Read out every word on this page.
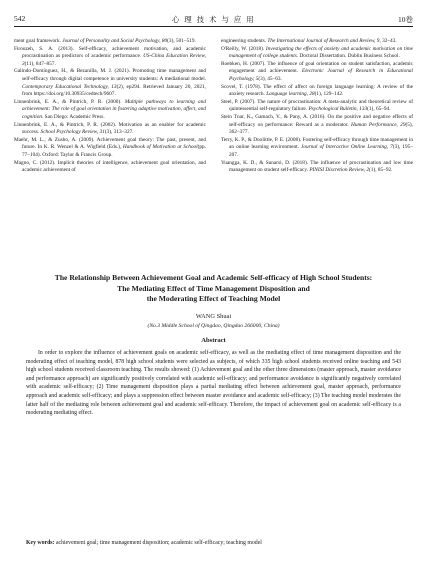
542	心 理 技 术 与 应 用	10卷
ment goal framework. Journal of Personality and Social Psychology, 80(3), 501–519.
Firouzeh, S. A. (2013). Self-efficacy, achievement motivation, and academic procrastination as predictors of academic performance. US-China Education Review, 3(11), 847–857.
Galindo-Domínguez, H., & Bezanilla, M. J. (2021). Promoting time management and self-efficacy through digital competence in university students: A mediational model. Contemporary Educational Technology, 13(2), ep294. Retrieved January 20, 2021, from https://doi.org/10.30935/cedtech/9607.
Linnenbrink, E. A., & Pintrich, P. R. (2000). Multiple pathways to learning and achievement: The role of goal orientation in fostering adaptive motivation, affect, and cognition. San Diego: Academic Press.
Linnenbrink, E. A., & Pintrich, P. R. (2002). Motivation as an enabler for academic success. School Psychology Review, 31(3), 313–327.
Maehr, M. L., & Zusho, A. (2009). Achievement goal theory: The past, present, and future. In K. R. Wenzel & A. Wigfield (Eds.), Handbook of Motivation at School(pp. 77–104). Oxford: Taylor & Francis Group.
Magno, C. (2012). Implicit theories of intelligence, achievement goal orientation, and academic achievement of
engineering students. The International Journal of Research and Review, 9, 32–43.
O'Reilly, W. (2018). Investigating the effects of anxiety and academic motivation on time management of college students. Doctoral Dissertation. Dublin Business School.
Roebken, H. (2007). The influence of goal orientation on student satisfaction, academic engagement and achievement. Electronic Journal of Research in Educational Psychology, 5(3), 45–63.
Scovel, T. (1978). The effect of affect on foreign language learning: A review of the anxiety research. Language learning, 28(1), 129–142.
Steel, P. (2007). The nature of procrastination: A meta-analytic and theoretical review of quintessential self-regulatory failure. Psychological Bulletin, 133(1), 65–94.
Stein Tnar, K., Gamach, Y., & Pany, A. (2016). On the positive and negative effects of self-efficacy on performance: Reward as a moderator. Human Performance, 29(5), 362–377.
Terry, K. P., & Doolittle, P. E. (2008). Fostering self-efficacy through time management in an online learning environment. Journal of Interactive Online Learning, 7(3), 195–207.
Yuangga, K. D., & Sunarsi, D. (2018). The influence of procrastination and low time management on student self-efficacy. PINISI Discretion Review, 2(1), 85–92.
The Relationship Between Achievement Goal and Academic Self-efficacy of High School Students:
The Mediating Effect of Time Management Disposition and
the Moderating Effect of Teaching Model
WANG Shuai
(No.3 Middle School of Qingdao, Qingdao 266000, China)
Abstract
In order to explore the influence of achievement goals on academic self-efficacy, as well as the mediating effect of time management disposition and the moderating effect of teaching model, 878 high school students were selected as subjects, of which 335 high school students received online teaching and 543 high school students received classroom teaching. The results showed: (1) Achievement goal and the other three dimensions (master approach, master avoidance and performance approach) are significantly positively correlated with academic self-efficacy; and performance avoidance is significantly negatively correlated with academic self-efficacy; (2) Time management disposition plays a partial mediating effect between achievement goal, master approach, performance approach and academic self-efficacy; and plays a suppression effect between master avoidance and academic self-efficacy; (3) The teaching model moderates the latter half of the mediating role between achievement goal and academic self-efficacy. Therefore, the impact of achievement goal on academic self-efficacy is a moderating mediating effect.
Key words: achievement goal; time management disposition; academic self-efficacy; teaching model
